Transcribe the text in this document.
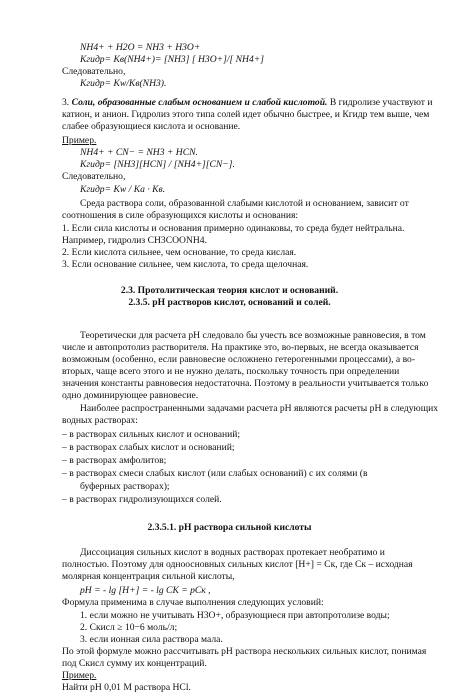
NH4+ + H2O = NH3 + H3O+
Kгидр= Кв(NH4+)= [NH3] [ H3O+]/[ NH4+]
Следовательно,
Kгидр= Kw/Kв(NH3).
3. Соли, образованные слабым основанием и слабой кислотой. В гидролизе участвуют и
катион, и анион. Гидролиз этого типа солей идет обычно быстрее, и Кгидр тем выше, чем
слабее образующиеся кислота и основание.
Пример.
NH4+ + CN− = NH3 + HCN.
Kгидр= [NH3][HCN] / [NH4+][CN−].
Следовательно,
Kгидр= Kw / Ka · Kв.
Среда раствора соли, образованной слабыми кислотой и основанием, зависит от
соотношения в силе образующихся кислоты и основания:
1. Если сила кислоты и основания примерно одинаковы, то среда будет нейтральна.
Например, гидролиз CH3COONH4.
2. Если кислота сильнее, чем основание, то среда кислая.
3. Если основание сильнее, чем кислота, то среда щелочная.
2.3. Протолитическая теория кислот и оснований.
2.3.5. pH растворов кислот, оснований и солей.
Теоретически для расчета pH следовало бы учесть все возможные равновесия, в том
числе и автопротолиз растворителя. На практике это, во-первых, не всегда оказывается
возможным (особенно, если равновесие осложнено гетерогенными процессами), а во-
вторых, чаще всего этого и не нужно делать, поскольку точность при определении
значения константы равновесия недостаточна. Поэтому в реальности учитывается только
одно доминирующее равновесие.
Наиболее распространенными задачами расчета pH являются расчеты pH в следующих
водных растворах:
– в растворах сильных кислот и оснований;
– в растворах слабых кислот и оснований;
– в растворах амфолитов;
– в растворах смеси слабых кислот (или слабых оснований) с их солями (в
буферных растворах);
– в растворах гидролизующихся солей.
2.3.5.1. pH раствора сильной кислоты
Диссоциация сильных кислот в водных растворах протекает необратимо и
полностью. Поэтому для одноосновных сильных кислот [H+] = Cк, где Cк – исходная
молярная концентрация сильной кислоты,
pH = - lg [H+] = - lg CК = pCк ,
Формула применима в случае выполнения следующих условий:
1. если можно не учитывать H3O+, образующиеся при автопротолизе воды;
2. Cкисл ≥ 10−6 моль/л;
3. если ионная сила раствора мала.
По этой формуле можно рассчитывать pH раствора нескольких сильных кислот, понимая
под Cкисл сумму их концентраций.
Пример.
Найти pH 0,01 М раствора HCl.
